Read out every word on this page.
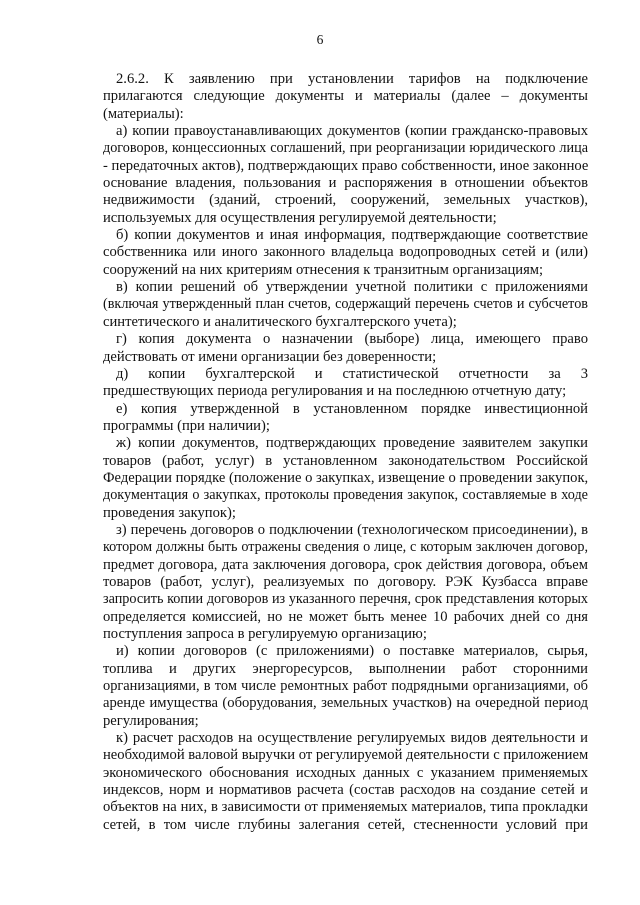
6
2.6.2. К заявлению при установлении тарифов на подключение
прилагаются следующие документы и материалы (далее – документы
(материалы):
а) копии правоустанавливающих документов (копии гражданско-правовых
договоров, концессионных соглашений, при реорганизации юридического лица
- передаточных актов), подтверждающих право собственности, иное законное
основание владения, пользования и распоряжения в отношении объектов
недвижимости (зданий, строений, сооружений, земельных участков),
используемых для осуществления регулируемой деятельности;
б) копии документов и иная информация, подтверждающие соответствие
собственника или иного законного владельца водопроводных сетей и (или)
сооружений на них критериям отнесения к транзитным организациям;
в) копии решений об утверждении учетной политики с приложениями
(включая утвержденный план счетов, содержащий перечень счетов и субсчетов
синтетического и аналитического бухгалтерского учета);
г) копия документа о назначении (выборе) лица, имеющего право
действовать от имени организации без доверенности;
д) копии бухгалтерской и статистической отчетности за 3
предшествующих периода регулирования и на последнюю отчетную дату;
е) копия утвержденной в установленном порядке инвестиционной
программы (при наличии);
ж) копии документов, подтверждающих проведение заявителем закупки
товаров (работ, услуг) в установленном законодательством Российской
Федерации порядке (положение о закупках, извещение о проведении закупок,
документация о закупках, протоколы проведения закупок, составляемые в ходе
проведения закупок);
з) перечень договоров о подключении (технологическом присоединении), в
котором должны быть отражены сведения о лице, с которым заключен договор,
предмет договора, дата заключения договора, срок действия договора, объем
товаров (работ, услуг), реализуемых по договору. РЭК Кузбасса вправе
запросить копии договоров из указанного перечня, срок представления которых
определяется комиссией, но не может быть менее 10 рабочих дней со дня
поступления запроса в регулируемую организацию;
и) копии договоров (с приложениями) о поставке материалов, сырья,
топлива и других энергоресурсов, выполнении работ сторонними
организациями, в том числе ремонтных работ подрядными организациями, об
аренде имущества (оборудования, земельных участков) на очередной период
регулирования;
к) расчет расходов на осуществление регулируемых видов деятельности и
необходимой валовой выручки от регулируемой деятельности с приложением
экономического обоснования исходных данных с указанием применяемых
индексов, норм и нормативов расчета (состав расходов на создание сетей и
объектов на них, в зависимости от применяемых материалов, типа прокладки
сетей, в том числе глубины залегания сетей, стесненности условий при
